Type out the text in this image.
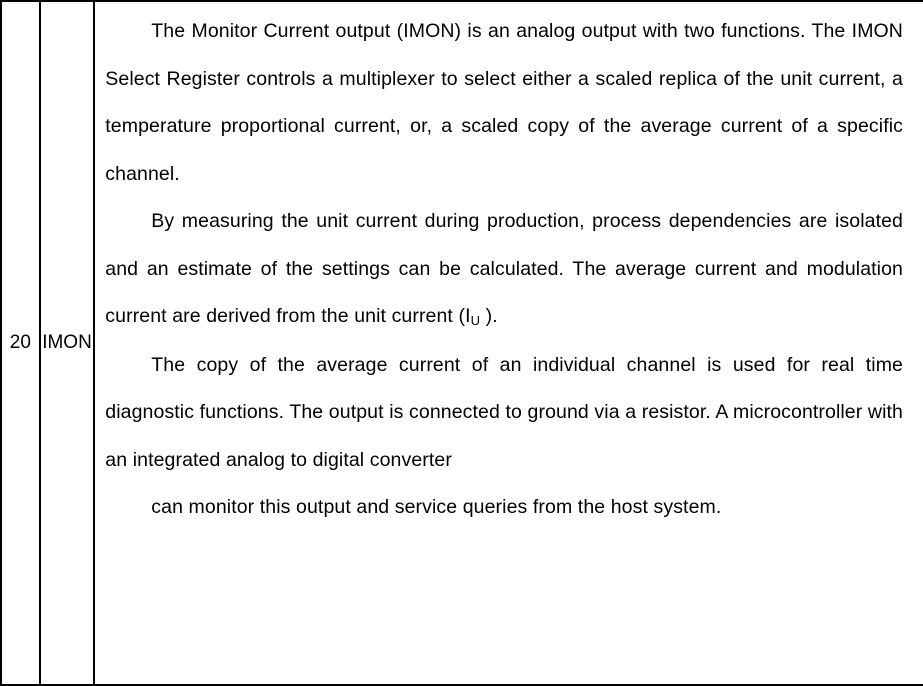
20 IMON

The Monitor Current output (IMON) is an analog output with two functions. The IMON Select Register controls a multiplexer to select either a scaled replica of the unit current, a temperature proportional current, or, a scaled copy of the average current of a specific channel.

By measuring the unit current during production, process dependencies are isolated and an estimate of the settings can be calculated. The average current and modulation current are derived from the unit current (IU ).

The copy of the average current of an individual channel is used for real time diagnostic functions. The output is connected to ground via a resistor. A microcontroller with an integrated analog to digital converter

can monitor this output and service queries from the host system.
